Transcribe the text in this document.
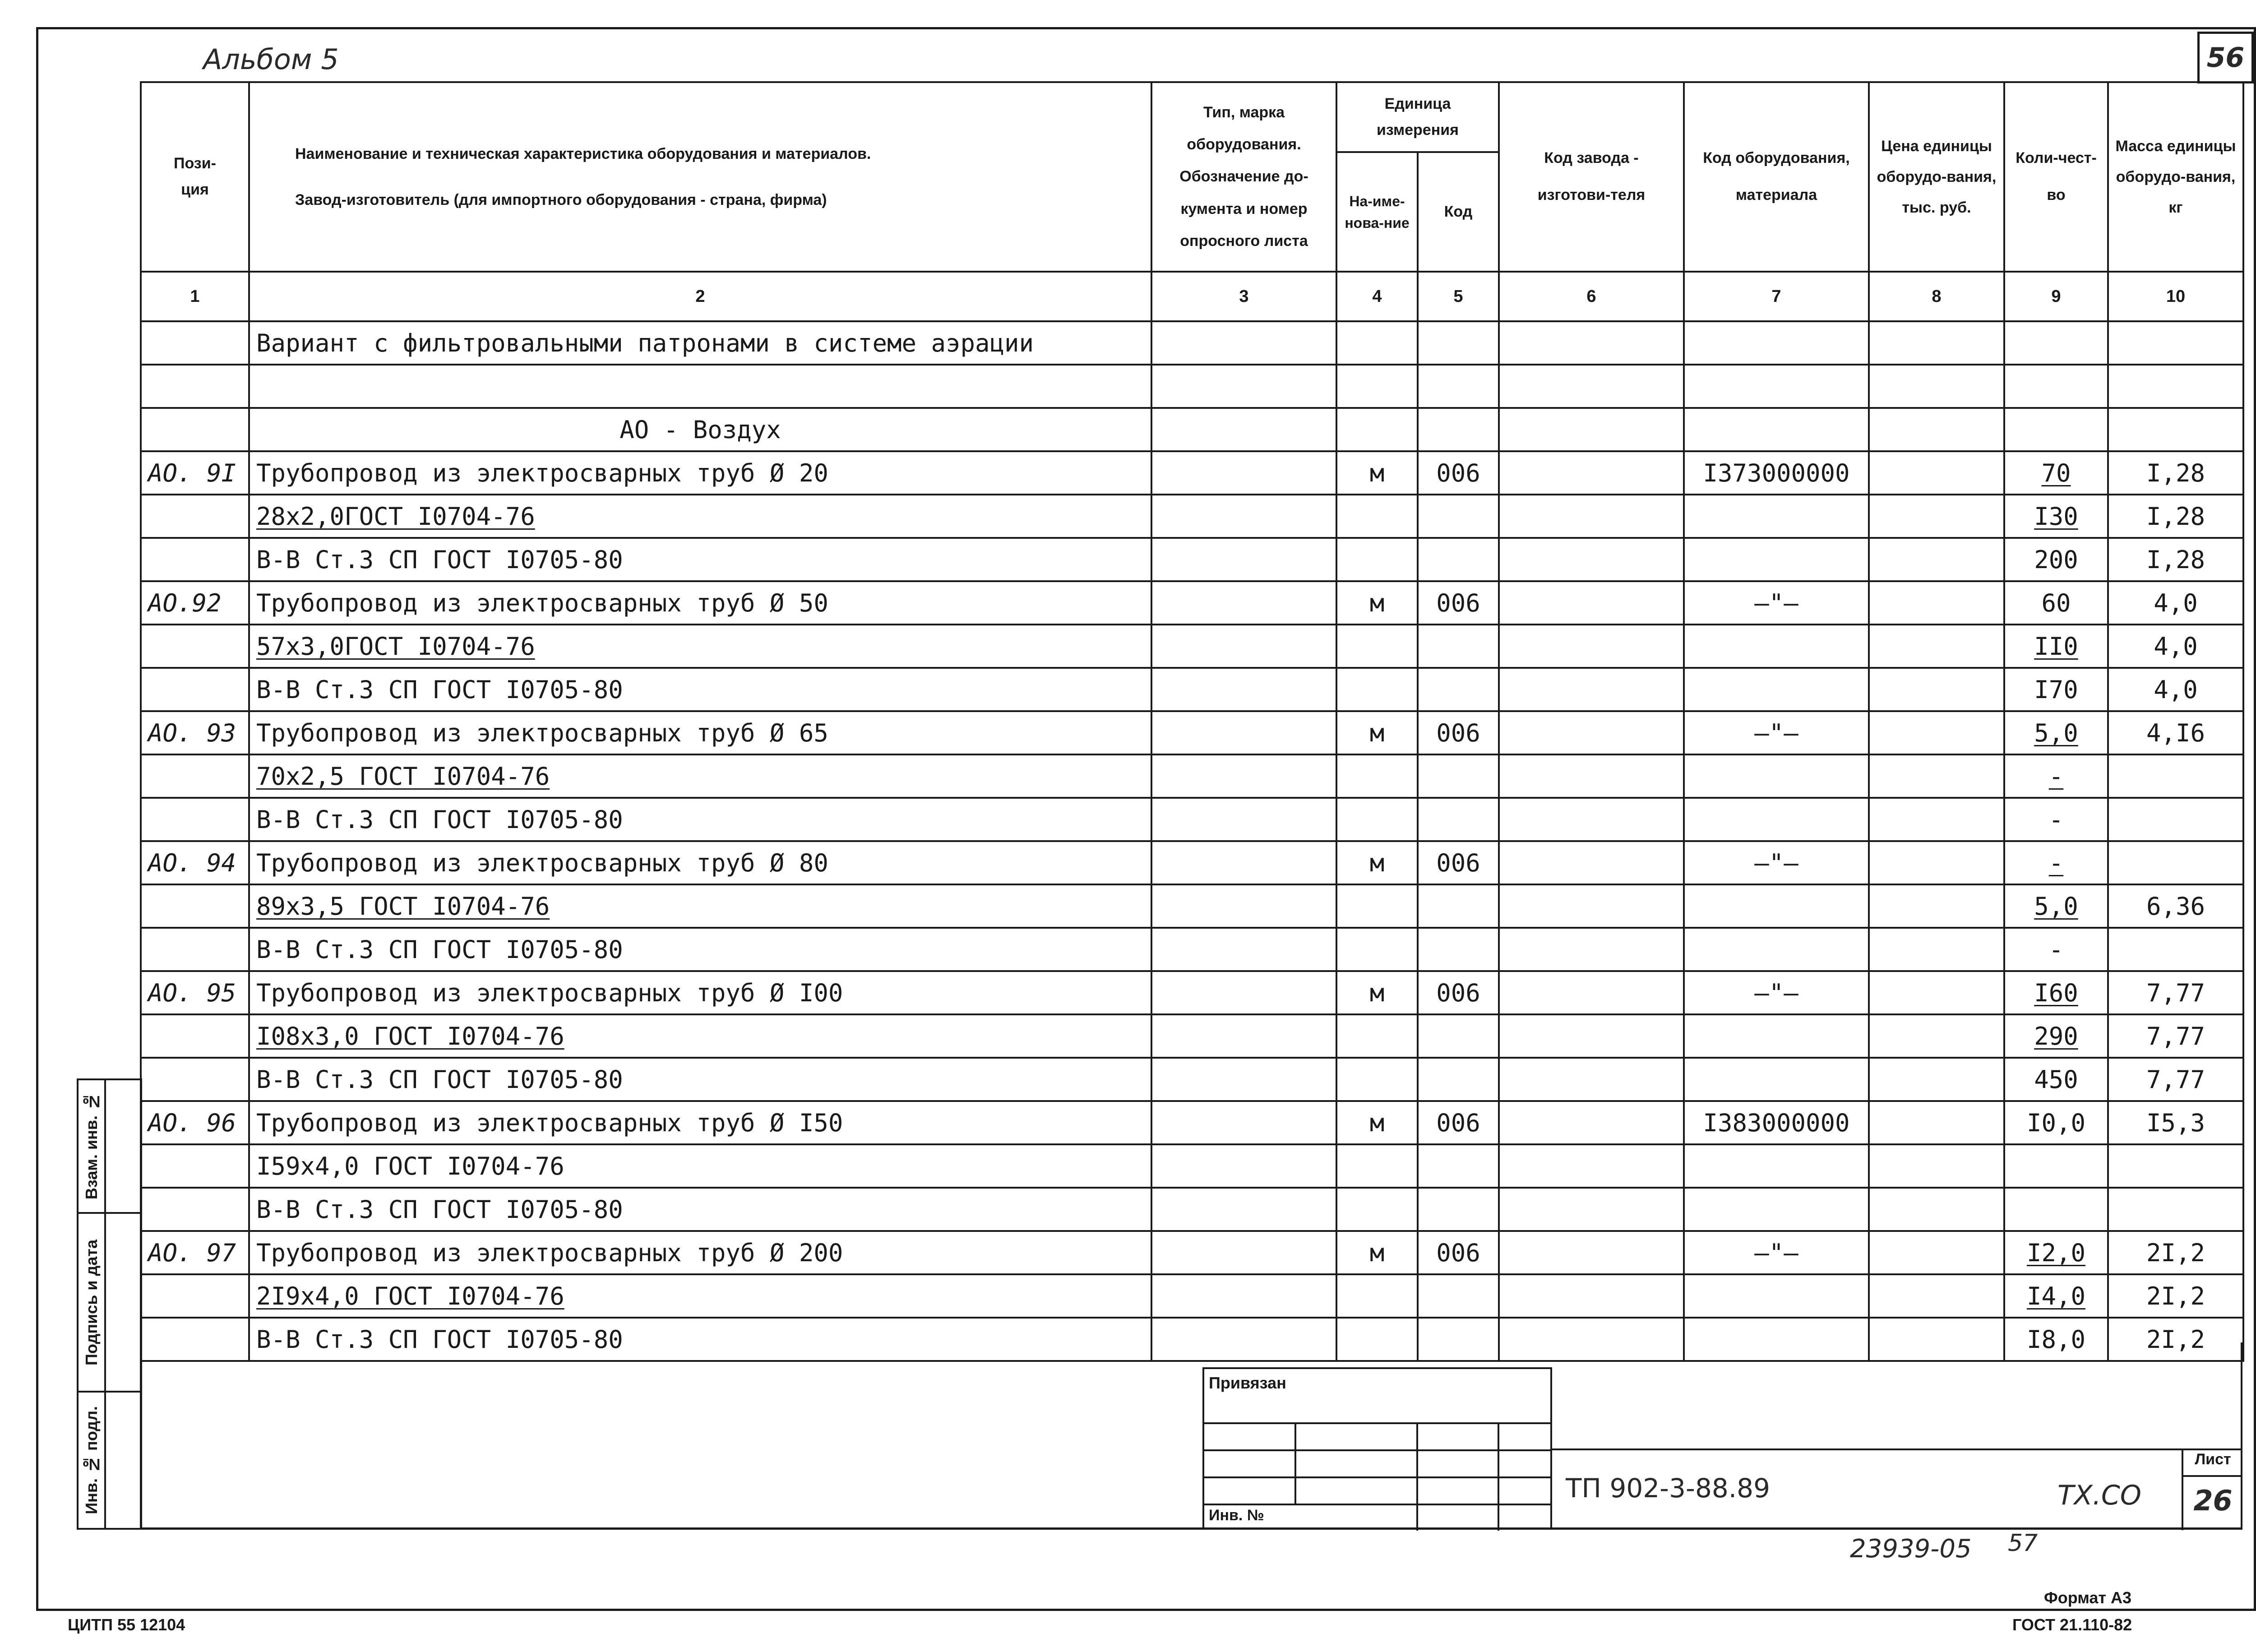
Альбом 5	56
Пози-
ция	Наименование и техническая характеристика оборудования и материалов.
Завод-изготовитель (для импортного оборудования - страна, фирма)	Тип, марка оборудования. Обозначение до-кумента и номер опросного листа	Единица измерения		Код завода - изготови-теля	Код оборудования, материала	Цена единицы оборудо-вания, тыс. руб.	Коли-чест-во	Масса единицы оборудо-вания, кг
			На-име-нова-ние	Код					
1	2	3	4	5	6	7	8	9	10
	Вариант с фильтровальными патронами в системе аэрации								

	АО - Воздух								
АО. 9I	Трубопровод из электросварных труб Ø 20		м	006		I373000000		70	I,28
	28х2,0ГОСТ I0704-76							I30	I,28
	В-В Ст.3 СП ГОСТ I0705-80							200	I,28
АО.92	Трубопровод из электросварных труб Ø 50		м	006		—"—		60	4,0
	57х3,0ГОСТ I0704-76							II0	4,0
	В-В Ст.3 СП ГОСТ I0705-80							I70	4,0
АО. 93	Трубопровод из электросварных труб Ø 65		м	006		—"—		5,0	4,I6
	70х2,5 ГОСТ I0704-76							-	
	В-В Ст.3 СП ГОСТ I0705-80							-	
АО. 94	Трубопровод из электросварных труб Ø 80		м	006		—"—		-	
	89х3,5 ГОСТ I0704-76							5,0	6,36
	В-В Ст.3 СП ГОСТ I0705-80							-	
АО. 95	Трубопровод из электросварных труб Ø I00		м	006		—"—		I60	7,77
	I08х3,0 ГОСТ I0704-76							290	7,77
	В-В Ст.3 СП ГОСТ I0705-80							450	7,77
АО. 96	Трубопровод из электросварных труб Ø I50		м	006		I383000000		I0,0	I5,3
	I59х4,0 ГОСТ I0704-76								
	В-В Ст.3 СП ГОСТ I0705-80								
АО. 97	Трубопровод из электросварных труб Ø 200		м	006		—"—		I2,0	2I,2
	2I9х4,0 ГОСТ I0704-76							I4,0	2I,2
	В-В Ст.3 СП ГОСТ I0705-80							I8,0	2I,2
Взам. инв. №
Подпись и дата
Инв. № подл.
Привязан
Инв. №
ТП 902-3-88.89	ТХ.СО
Лист
26
23939-05 57
ЦИТП 55 12104
Формат А3
ГОСТ 21.110-82
